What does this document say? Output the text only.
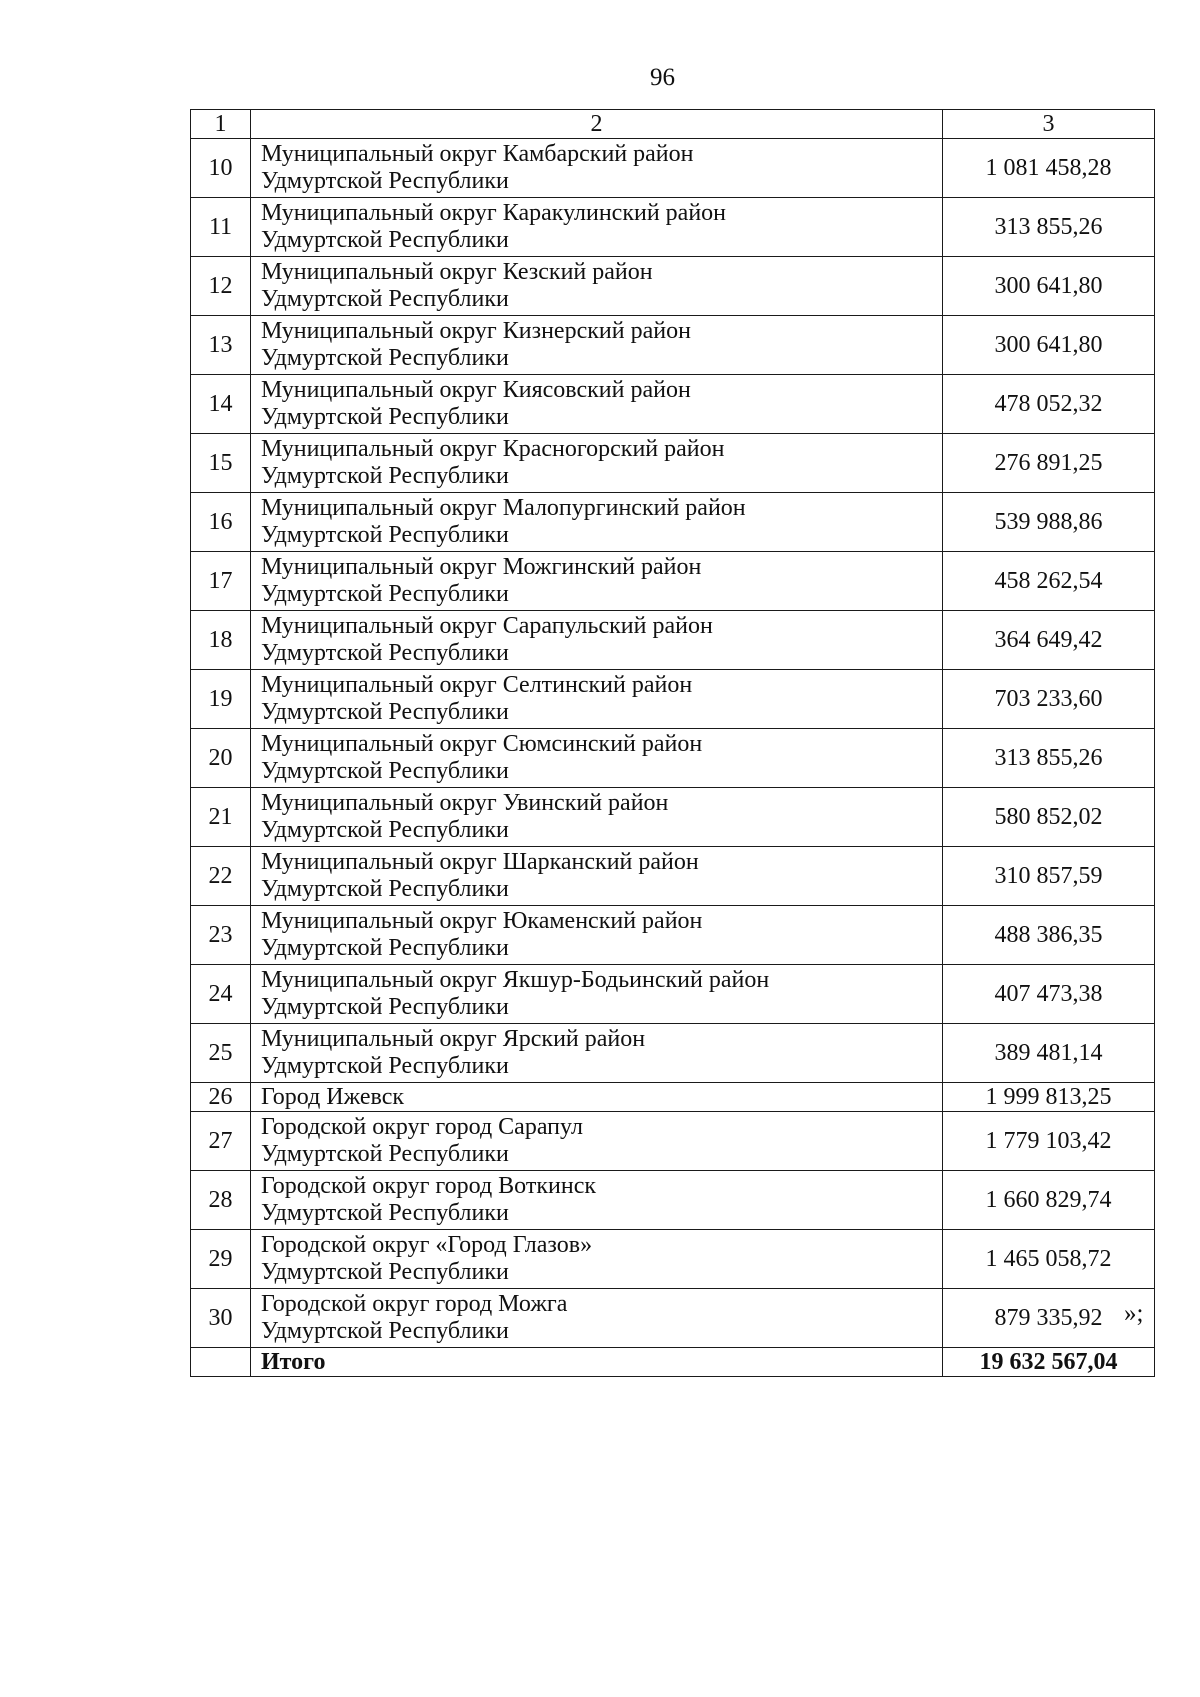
96
1	2	3
10	Муниципальный округ Камбарский район
Удмуртской Республики	1 081 458,28
11	Муниципальный округ Каракулинский район
Удмуртской Республики	313 855,26
12	Муниципальный округ Кезский район
Удмуртской Республики	300 641,80
13	Муниципальный округ Кизнерский район
Удмуртской Республики	300 641,80
14	Муниципальный округ Киясовский район
Удмуртской Республики	478 052,32
15	Муниципальный округ Красногорский район
Удмуртской Республики	276 891,25
16	Муниципальный округ Малопургинский район
Удмуртской Республики	539 988,86
17	Муниципальный округ Можгинский район
Удмуртской Республики	458 262,54
18	Муниципальный округ Сарапульский район
Удмуртской Республики	364 649,42
19	Муниципальный округ Селтинский район
Удмуртской Республики	703 233,60
20	Муниципальный округ Сюмсинский район
Удмуртской Республики	313 855,26
21	Муниципальный округ Увинский район
Удмуртской Республики	580 852,02
22	Муниципальный округ Шарканский район
Удмуртской Республики	310 857,59
23	Муниципальный округ Юкаменский район
Удмуртской Республики	488 386,35
24	Муниципальный округ Якшур-Бодьинский район
Удмуртской Республики	407 473,38
25	Муниципальный округ Ярский район
Удмуртской Республики	389 481,14
26	Город Ижевск	1 999 813,25
27	Городской округ город Сарапул
Удмуртской Республики	1 779 103,42
28	Городской округ город Воткинск
Удмуртской Республики	1 660 829,74
29	Городской округ «Город Глазов»
Удмуртской Республики	1 465 058,72
30	Городской округ город Можга
Удмуртской Республики	879 335,92
	Итого	19 632 567,04
»;
